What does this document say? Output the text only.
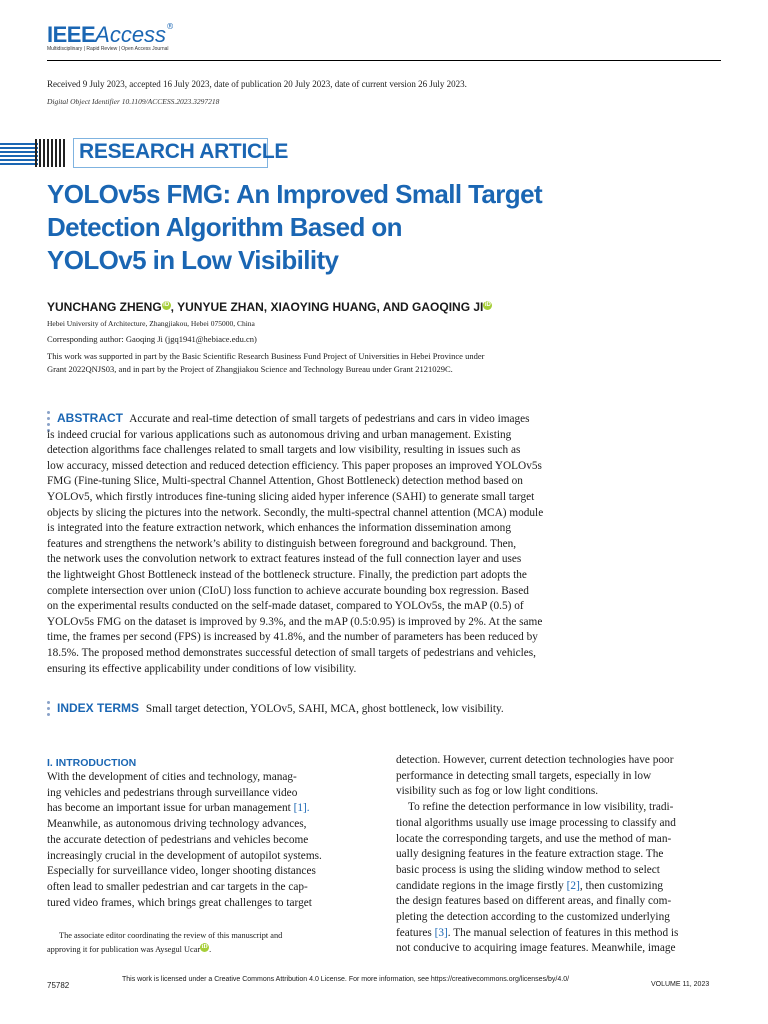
IEEEAccess®
Multidisciplinary | Rapid Review | Open Access Journal
Received 9 July 2023, accepted 16 July 2023, date of publication 20 July 2023, date of current version 26 July 2023.
Digital Object Identifier 10.1109/ACCESS.2023.3297218
RESEARCH ARTICLE
YOLOv5s FMG: An Improved Small Target
Detection Algorithm Based on
YOLOv5 in Low Visibility
YUNCHANG ZHENG iD , YUNYUE ZHAN, XIAOYING HUANG, AND GAOQING JI iD
Hebei University of Architecture, Zhangjiakou, Hebei 075000, China
Corresponding author: Gaoqing Ji (jgq1941@hebiace.edu.cn)
This work was supported in part by the Basic Scientific Research Business Fund Project of Universities in Hebei Province under
Grant 2022QNJS03, and in part by the Project of Zhangjiakou Science and Technology Bureau under Grant 2121029C.
ABSTRACT Accurate and real-time detection of small targets of pedestrians and cars in video images
is indeed crucial for various applications such as autonomous driving and urban management. Existing
detection algorithms face challenges related to small targets and low visibility, resulting in issues such as
low accuracy, missed detection and reduced detection efficiency. This paper proposes an improved YOLOv5s
FMG (Fine-tuning Slice, Multi-spectral Channel Attention, Ghost Bottleneck) detection method based on
YOLOv5, which firstly introduces fine-tuning slicing aided hyper inference (SAHI) to generate small target
objects by slicing the pictures into the network. Secondly, the multi-spectral channel attention (MCA) module
is integrated into the feature extraction network, which enhances the information dissemination among
features and strengthens the network’s ability to distinguish between foreground and background. Then,
the network uses the convolution network to extract features instead of the full connection layer and uses
the lightweight Ghost Bottleneck instead of the bottleneck structure. Finally, the prediction part adopts the
complete intersection over union (CIoU) loss function to achieve accurate bounding box regression. Based
on the experimental results conducted on the self-made dataset, compared to YOLOv5s, the mAP (0.5) of
YOLOv5s FMG on the dataset is improved by 9.3%, and the mAP (0.5:0.95) is improved by 2%. At the same
time, the frames per second (FPS) is increased by 41.8%, and the number of parameters has been reduced by
18.5%. The proposed method demonstrates successful detection of small targets of pedestrians and vehicles,
ensuring its effective applicability under conditions of low visibility.
INDEX TERMS Small target detection, YOLOv5, SAHI, MCA, ghost bottleneck, low visibility.
I. INTRODUCTION
With the development of cities and technology, manag-
ing vehicles and pedestrians through surveillance video
has become an important issue for urban management [1].
Meanwhile, as autonomous driving technology advances,
the accurate detection of pedestrians and vehicles become
increasingly crucial in the development of autopilot systems.
Especially for surveillance video, longer shooting distances
often lead to smaller pedestrian and car targets in the cap-
tured video frames, which brings great challenges to target
detection. However, current detection technologies have poor
performance in detecting small targets, especially in low
visibility such as fog or low light conditions.
To refine the detection performance in low visibility, tradi-
tional algorithms usually use image processing to classify and
locate the corresponding targets, and use the method of man-
ually designing features in the feature extraction stage. The
basic process is using the sliding window method to select
candidate regions in the image firstly [2], then customizing
the design features based on different areas, and finally com-
pleting the detection according to the customized underlying
features [3]. The manual selection of features in this method is
not conducive to acquiring image features. Meanwhile, image
The associate editor coordinating the review of this manuscript and
approving it for publication was Aysegul Ucar iD .
75782
This work is licensed under a Creative Commons Attribution 4.0 License. For more information, see https://creativecommons.org/licenses/by/4.0/
VOLUME 11, 2023
